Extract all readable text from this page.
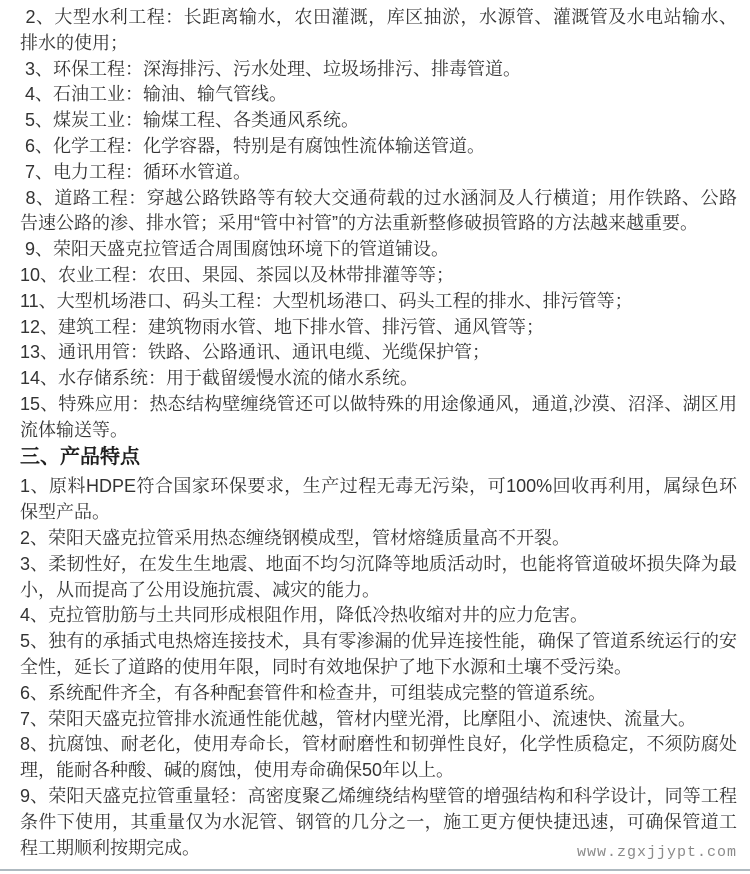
2、大型水利工程：长距离输水，农田灌溉，库区抽淤，水源管、灌溉管及水电站输水、排水的使用；

3、环保工程：深海排污、污水处理、垃圾场排污、排毒管道。

4、石油工业：输油、输气管线。

5、煤炭工业：输煤工程、各类通风系统。

6、化学工程：化学容器，特别是有腐蚀性流体输送管道。

7、电力工程：循环水管道。

8、道路工程：穿越公路铁路等有较大交通荷载的过水涵洞及人行横道；用作铁路、公路告速公路的渗、排水管；采用“管中衬管”的方法重新整修破损管路的方法越来越重要。

9、荣阳天盛克拉管适合周围腐蚀环境下的管道铺设。

10、农业工程：农田、果园、茶园以及林带排灌等等；

11、大型机场港口、码头工程：大型机场港口、码头工程的排水、排污管等；

12、建筑工程：建筑物雨水管、地下排水管、排污管、通风管等；

13、通讯用管：铁路、公路通讯、通讯电缆、光缆保护管；

14、水存储系统：用于截留缓慢水流的储水系统。

15、特殊应用：热态结构壁缠绕管还可以做特殊的用途像通风，通道,沙漠、沼泽、湖区用流体输送等。

三、产品特点

1、原料HDPE符合国家环保要求，生产过程无毒无污染，可100%回收再利用，属绿色环保型产品。

2、荣阳天盛克拉管采用热态缠绕钢模成型，管材熔缝质量高不开裂。

3、柔韧性好，在发生生地震、地面不均匀沉降等地质活动时，也能将管道破坏损失降为最小，从而提高了公用设施抗震、减灾的能力。

4、克拉管肋筋与土共同形成根阻作用，降低冷热收缩对井的应力危害。

5、独有的承插式电热熔连接技术，具有零渗漏的优异连接性能，确保了管道系统运行的安全性，延长了道路的使用年限，同时有效地保护了地下水源和土壤不受污染。

6、系统配件齐全，有各种配套管件和检查井，可组装成完整的管道系统。

7、荣阳天盛克拉管排水流通性能优越，管材内壁光滑，比摩阻小、流速快、流量大。

8、抗腐蚀、耐老化，使用寿命长，管材耐磨性和韧弹性良好，化学性质稳定，不须防腐处理，能耐各种酸、碱的腐蚀，使用寿命确保50年以上。

9、荣阳天盛克拉管重量轻：高密度聚乙烯缠绕结构壁管的增强结构和科学设计，同等工程条件下使用，其重量仅为水泥管、钢管的几分之一，施工更方便快捷迅速，可确保管道工程工期顺利按期完成。	www.zgxjjypt.com
